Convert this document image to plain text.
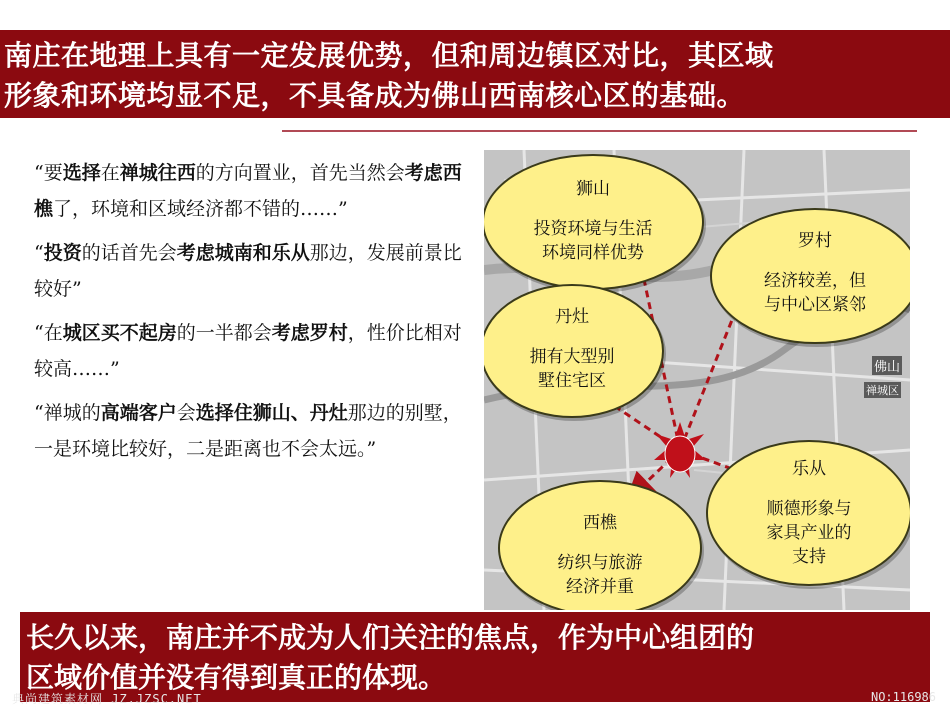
南庄在地理上具有一定发展优势，但和周边镇区对比，其区域
形象和环境均显不足，不具备成为佛山西南核心区的基础。
“要选择在禅城往西的方向置业，首先当然会考虑西樵了，环境和区域经济都不错的……”
“投资的话首先会考虑城南和乐从那边，发展前景比较好”
“在城区买不起房的一半都会考虑罗村，性价比相对较高……”
“禅城的高端客户会选择住狮山、丹灶那边的别墅，一是环境比较好，二是距离也不会太远。”
佛山
禅城区
狮山
投资环境与生活
环境同样优势
罗村
经济较差，但
与中心区紧邻
丹灶
拥有大型别
墅住宅区
乐从
顺德形象与
家具产业的
支持
西樵
纺织与旅游
经济并重
长久以来，南庄并不成为人们关注的焦点，作为中心组团的
区域价值并没有得到真正的体现。
典尚建筑素材网 JZ.JZSC.NET	NO:116986
